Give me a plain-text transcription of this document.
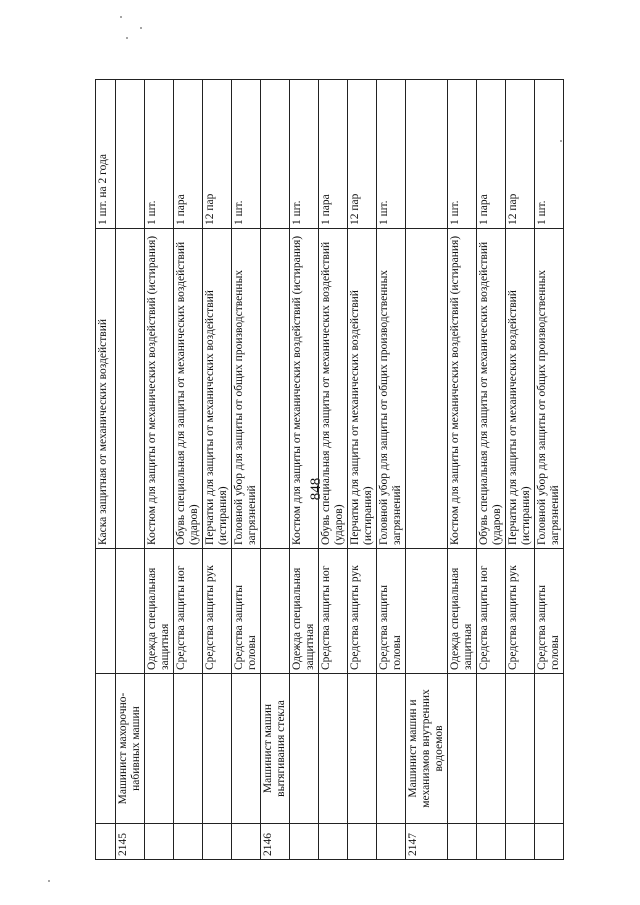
848
			Каска защитная от механических воздействий	1 шт. на 2 года
2145	Машинист махорочно-набивных машин			
		Одежда специальная защитная	Костюм для защиты от механических воздействий (истирания)	1 шт.
		Средства защиты ног	Обувь специальная для защиты от механических воздействий (ударов)	1 пара
		Средства защиты рук	Перчатки для защиты от механических воздействий (истирания)	12 пар
		Средства защиты головы	Головной убор для защиты от общих производственных загрязнений	1 шт.
2146	Машинист машин вытягивания стекла			
		Одежда специальная защитная	Костюм для защиты от механических воздействий (истирания)	1 шт.
		Средства защиты ног	Обувь специальная для защиты от механических воздействий (ударов)	1 пара
		Средства защиты рук	Перчатки для защиты от механических воздействий (истирания)	12 пар
		Средства защиты головы	Головной убор для защиты от общих производственных загрязнений	1 шт.
2147	Машинист машин и механизмов внутренних водоемов			
		Одежда специальная защитная	Костюм для защиты от механических воздействий (истирания)	1 шт.
		Средства защиты ног	Обувь специальная для защиты от механических воздействий (ударов)	1 пара
		Средства защиты рук	Перчатки для защиты от механических воздействий (истирания)	12 пар
		Средства защиты головы	Головной убор для защиты от общих производственных загрязнений	1 шт.
